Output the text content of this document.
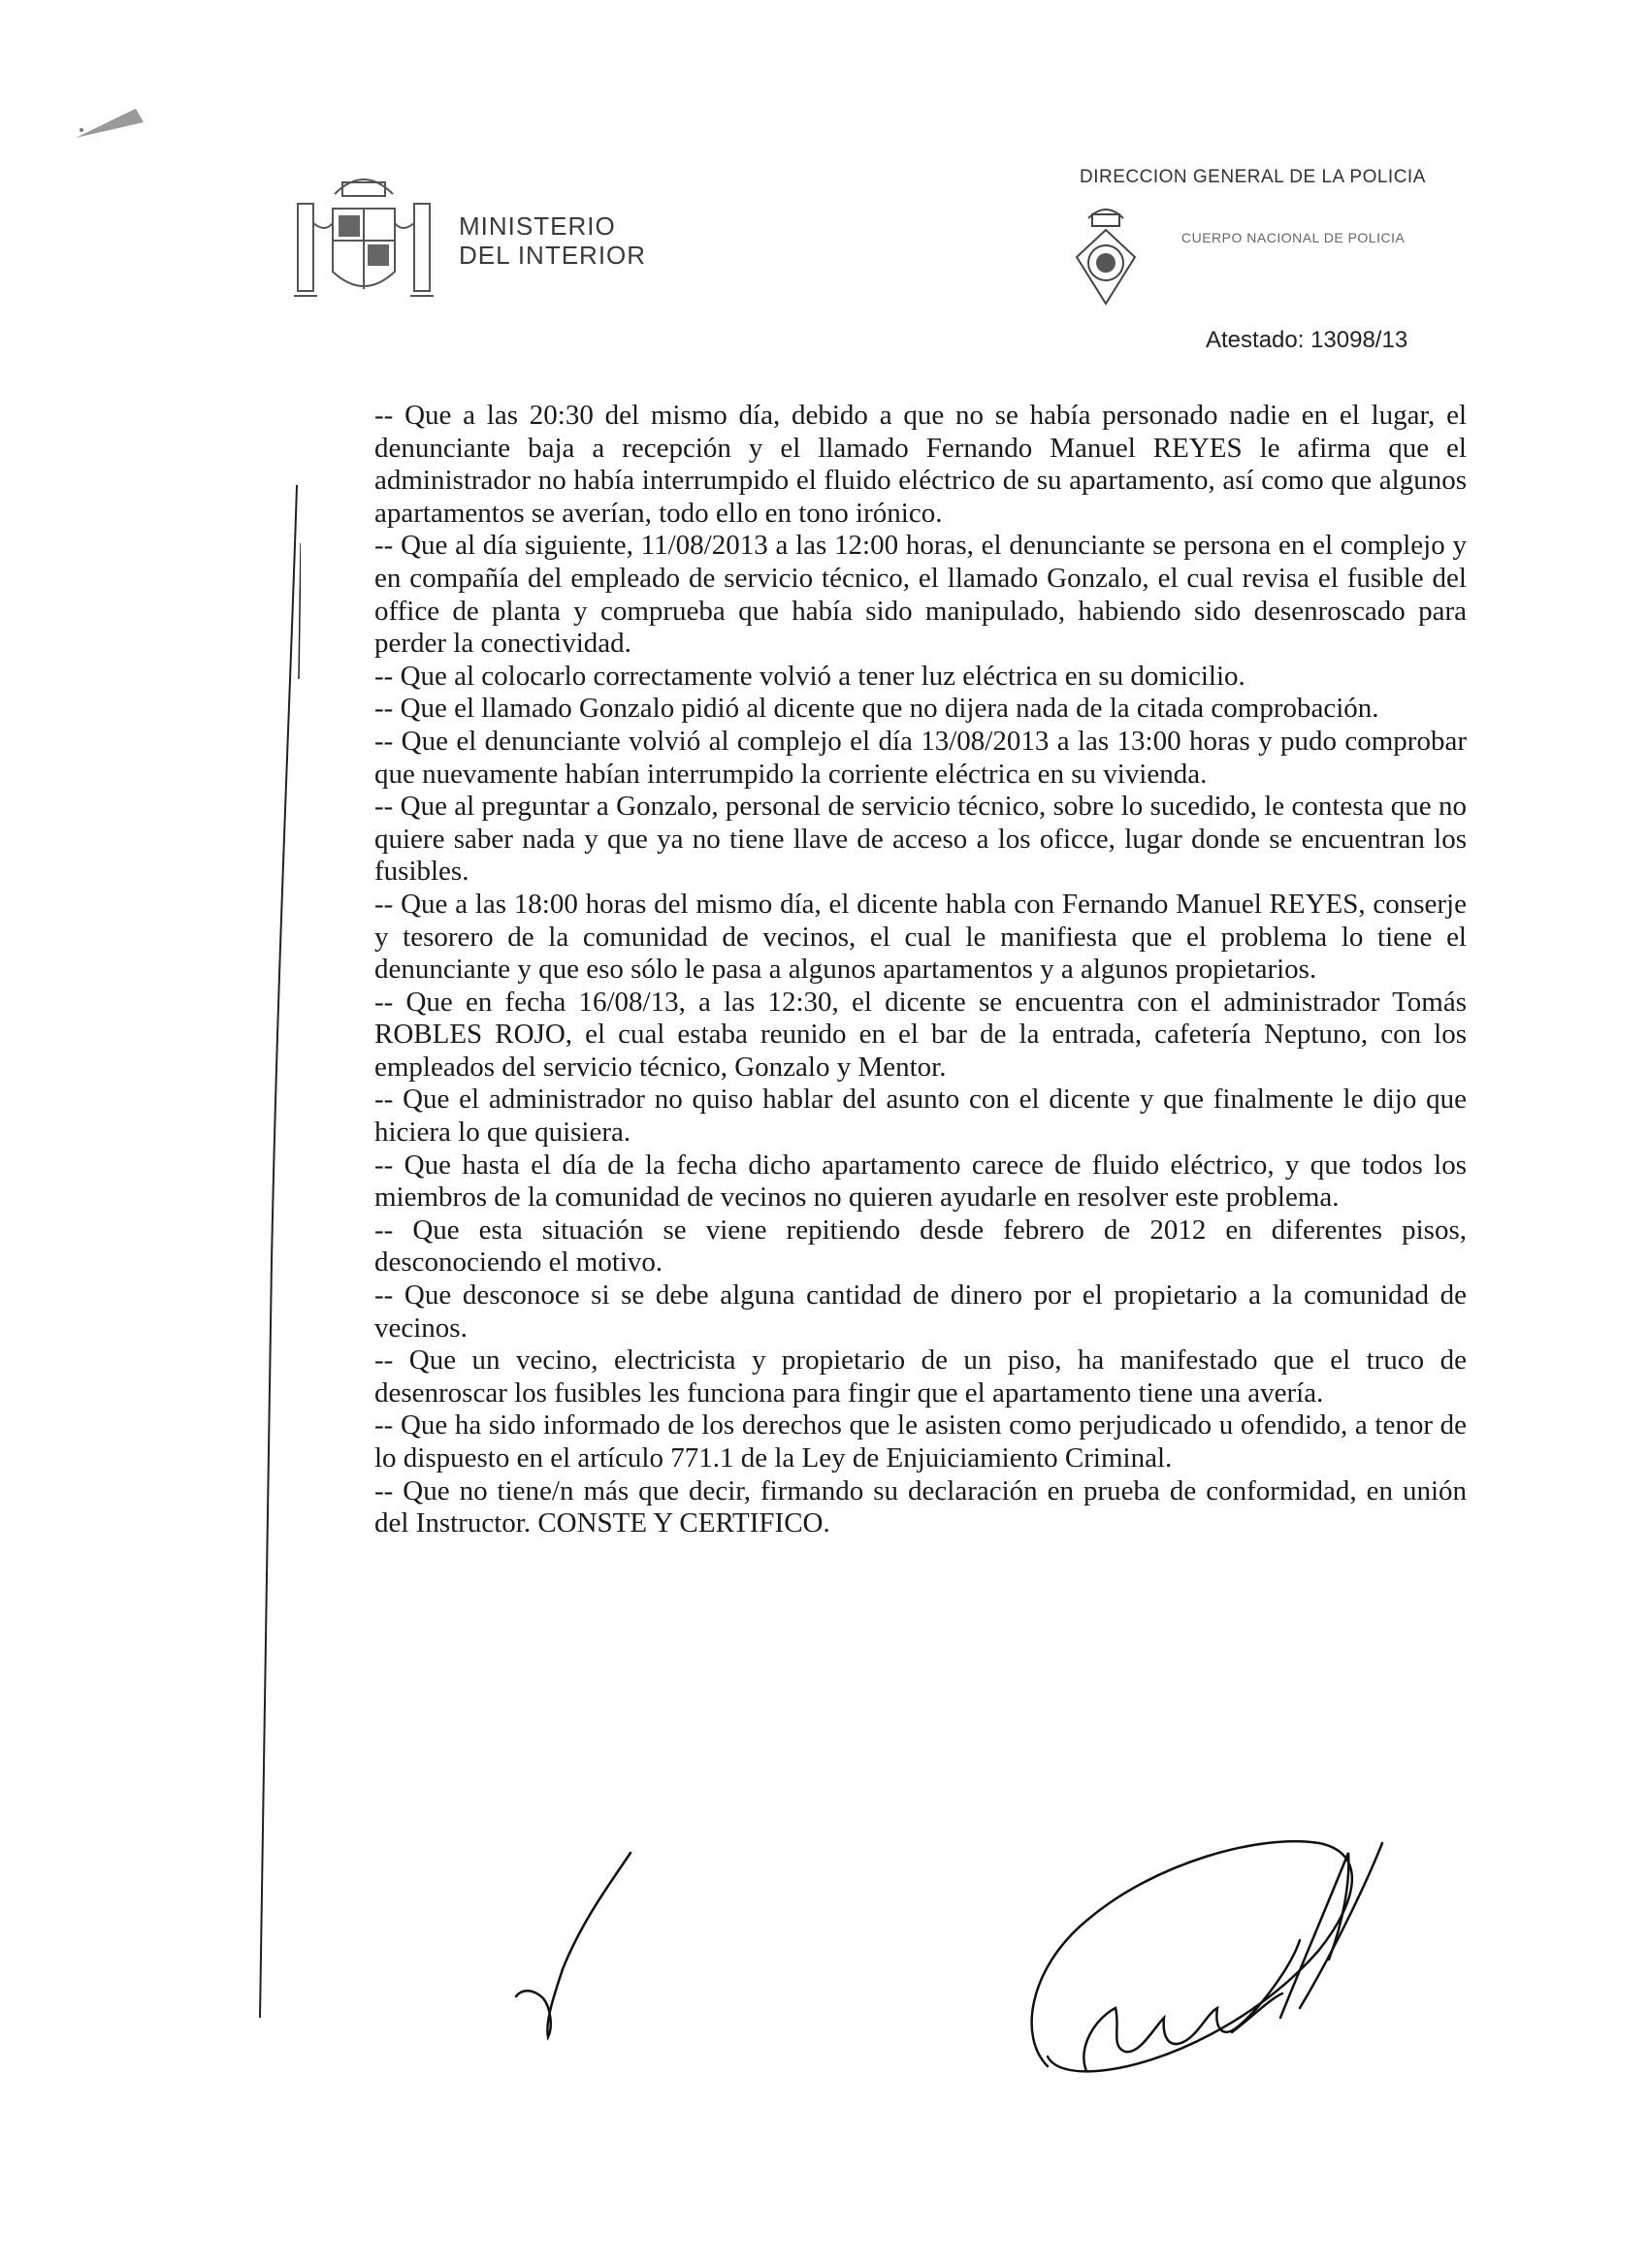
MINISTERIO
DEL INTERIOR
DIRECCION GENERAL DE LA POLICIA
CUERPO NACIONAL DE POLICIA
Atestado: 13098/13

-- Que a las 20:30 del mismo día, debido a que no se había personado nadie en el lugar, el denunciante baja a recepción y el llamado Fernando Manuel REYES le afirma que el administrador no había interrumpido el fluido eléctrico de su apartamento, así como que algunos apartamentos se averían, todo ello en tono irónico.

-- Que al día siguiente, 11/08/2013 a las 12:00 horas, el denunciante se persona en el complejo y en compañía del empleado de servicio técnico, el llamado Gonzalo, el cual revisa el fusible del office de planta y comprueba que había sido manipulado, habiendo sido desenroscado para perder la conectividad.

-- Que al colocarlo correctamente volvió a tener luz eléctrica en su domicilio.

-- Que el llamado Gonzalo pidió al dicente que no dijera nada de la citada comprobación.

-- Que el denunciante volvió al complejo el día 13/08/2013 a las 13:00 horas y pudo comprobar que nuevamente habían interrumpido la corriente eléctrica en su vivienda.

-- Que al preguntar a Gonzalo, personal de servicio técnico, sobre lo sucedido, le contesta que no quiere saber nada y que ya no tiene llave de acceso a los oficce, lugar donde se encuentran los fusibles.

-- Que a las 18:00 horas del mismo día, el dicente habla con Fernando Manuel REYES, conserje y tesorero de la comunidad de vecinos, el cual le manifiesta que el problema lo tiene el denunciante y que eso sólo le pasa a algunos apartamentos y a algunos propietarios.

-- Que en fecha 16/08/13, a las 12:30, el dicente se encuentra con el administrador Tomás ROBLES ROJO, el cual estaba reunido en el bar de la entrada, cafetería Neptuno, con los empleados del servicio técnico, Gonzalo y Mentor.

-- Que el administrador no quiso hablar del asunto con el dicente y que finalmente le dijo que hiciera lo que quisiera.

-- Que hasta el día de la fecha dicho apartamento carece de fluido eléctrico, y que todos los miembros de la comunidad de vecinos no quieren ayudarle en resolver este problema.

-- Que esta situación se viene repitiendo desde febrero de 2012 en diferentes pisos, desconociendo el motivo.

-- Que desconoce si se debe alguna cantidad de dinero por el propietario a la comunidad de vecinos.

-- Que un vecino, electricista y propietario de un piso, ha manifestado que el truco de desenroscar los fusibles les funciona para fingir que el apartamento tiene una avería.

-- Que ha sido informado de los derechos que le asisten como perjudicado u ofendido, a tenor de lo dispuesto en el artículo 771.1 de la Ley de Enjuiciamiento Criminal.

-- Que no tiene/n más que decir, firmando su declaración en prueba de conformidad, en unión del Instructor. CONSTE Y CERTIFICO.
